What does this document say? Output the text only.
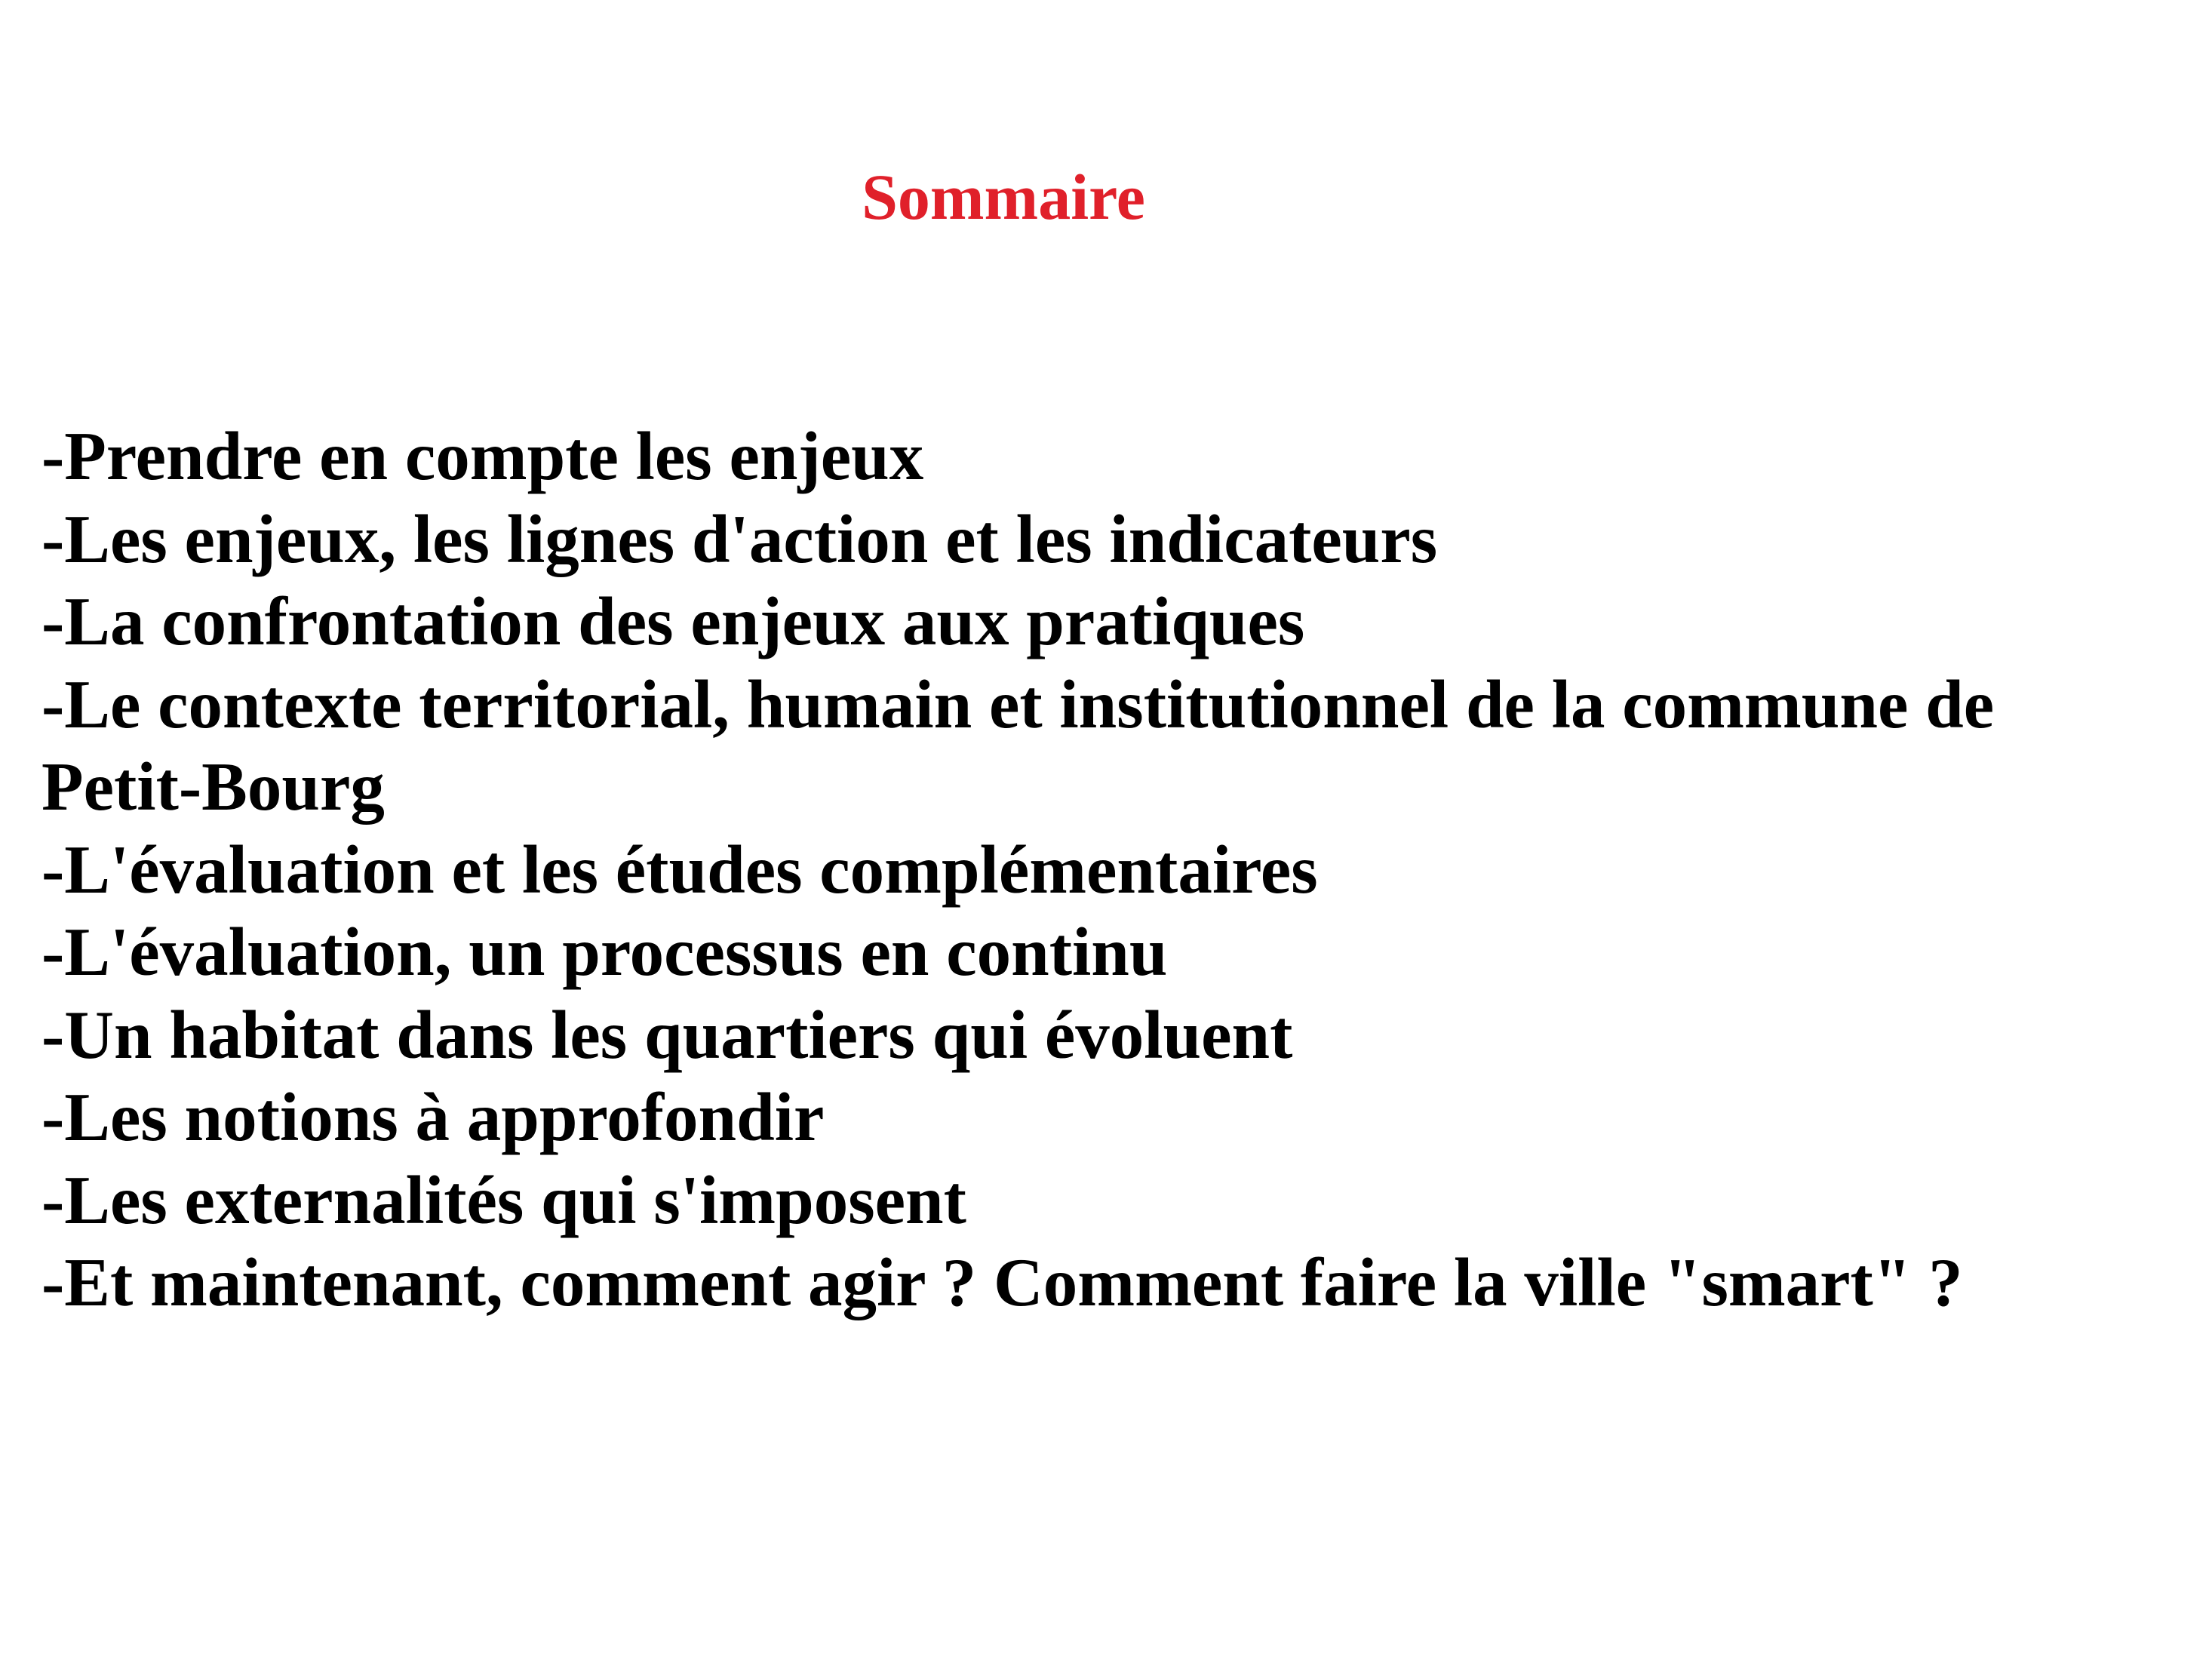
Sommaire
-Prendre en compte les enjeux
-Les enjeux, les lignes d'action et les indicateurs
-La confrontation des enjeux aux pratiques
-Le contexte territorial, humain et institutionnel de la commune de Petit-Bourg
-L'évaluation et les études complémentaires
-L'évaluation, un processus en continu
-Un habitat dans les quartiers qui évoluent
-Les notions à approfondir
-Les externalités qui s'imposent
-Et maintenant, comment agir ? Comment faire la ville "smart" ?
